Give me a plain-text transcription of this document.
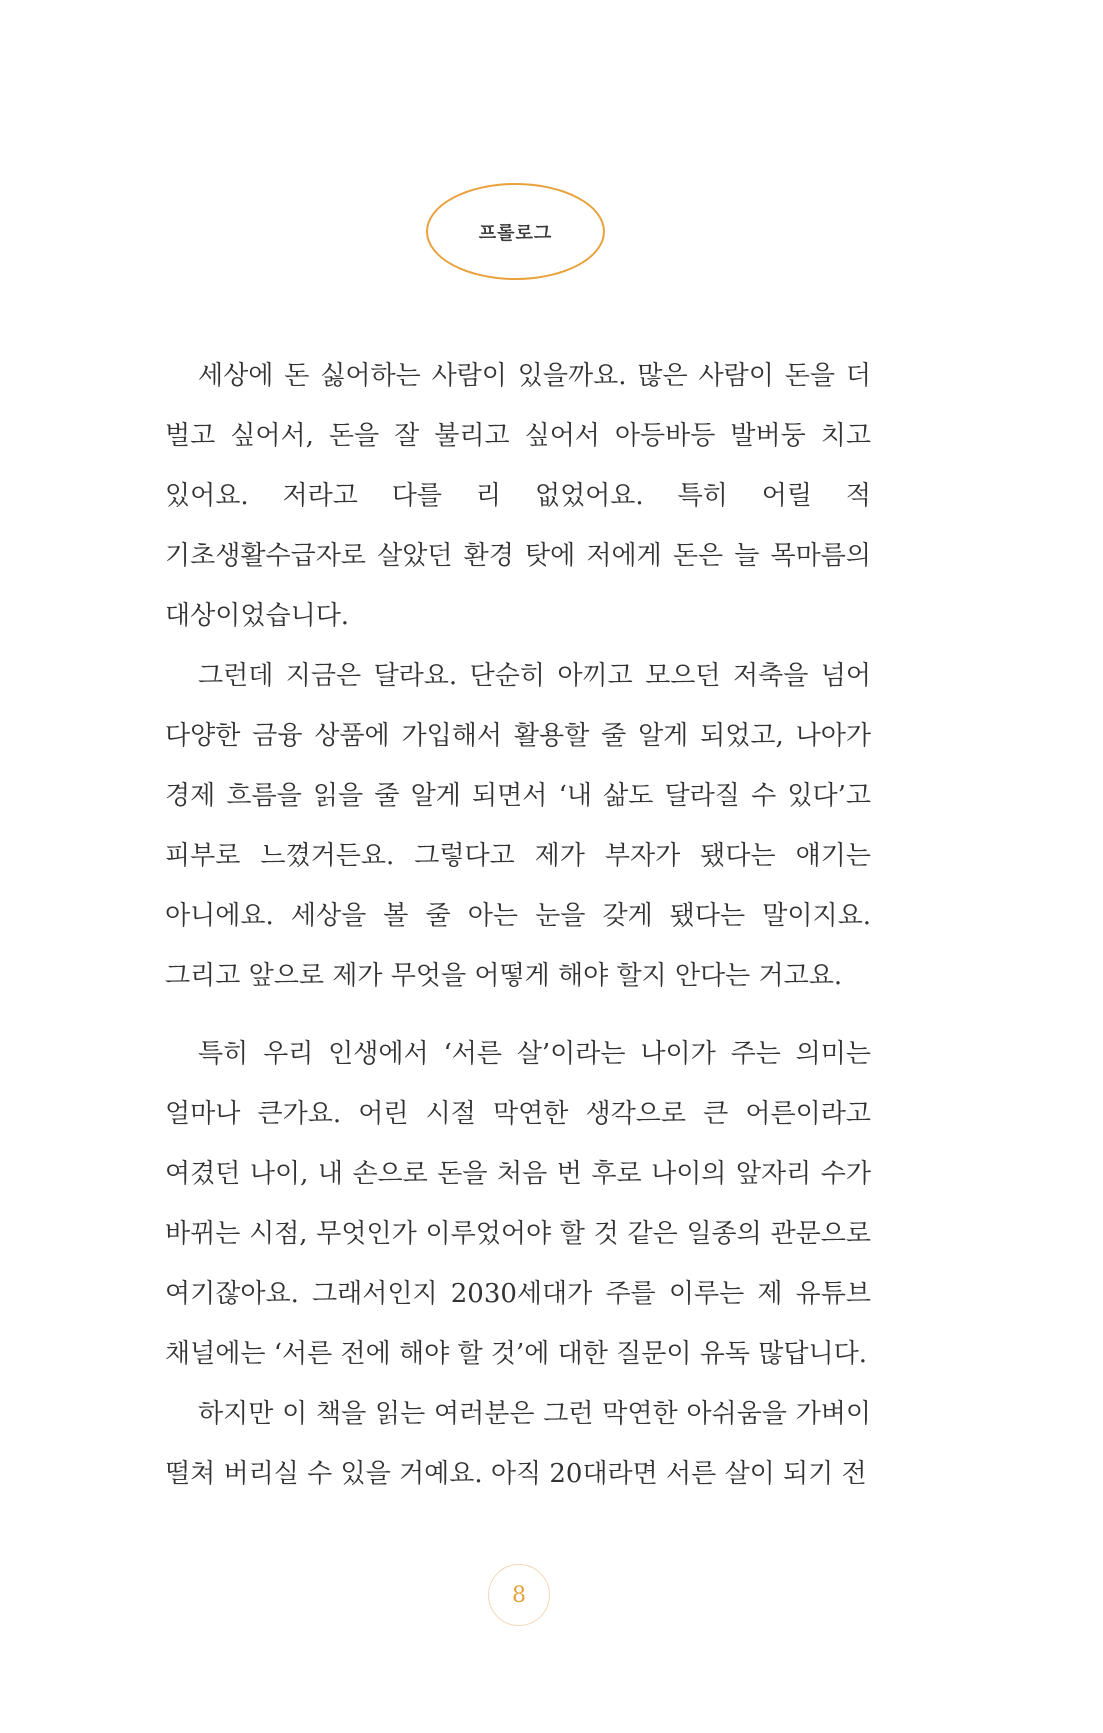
프롤로그

세상에 돈 싫어하는 사람이 있을까요. 많은 사람이 돈을 더 벌고 싶어서, 돈을 잘 불리고 싶어서 아등바등 발버둥 치고 있어요. 저라고 다를 리 없었어요. 특히 어릴 적 기초생활수급자로 살았던 환경 탓에 저에게 돈은 늘 목마름의 대상이었습니다.

그런데 지금은 달라요. 단순히 아끼고 모으던 저축을 넘어 다양한 금융 상품에 가입해서 활용할 줄 알게 되었고, 나아가 경제 흐름을 읽을 줄 알게 되면서 ‘내 삶도 달라질 수 있다’고 피부로 느꼈거든요. 그렇다고 제가 부자가 됐다는 얘기는 아니에요. 세상을 볼 줄 아는 눈을 갖게 됐다는 말이지요. 그리고 앞으로 제가 무엇을 어떻게 해야 할지 안다는 거고요.

특히 우리 인생에서 ‘서른 살’이라는 나이가 주는 의미는 얼마나 큰가요. 어린 시절 막연한 생각으로 큰 어른이라고 여겼던 나이, 내 손으로 돈을 처음 번 후로 나이의 앞자리 수가 바뀌는 시점, 무엇인가 이루었어야 할 것 같은 일종의 관문으로 여기잖아요. 그래서인지 2030세대가 주를 이루는 제 유튜브 채널에는 ‘서른 전에 해야 할 것’에 대한 질문이 유독 많답니다.

하지만 이 책을 읽는 여러분은 그런 막연한 아쉬움을 가벼이 떨쳐 버리실 수 있을 거예요. 아직 20대라면 서른 살이 되기 전

8
